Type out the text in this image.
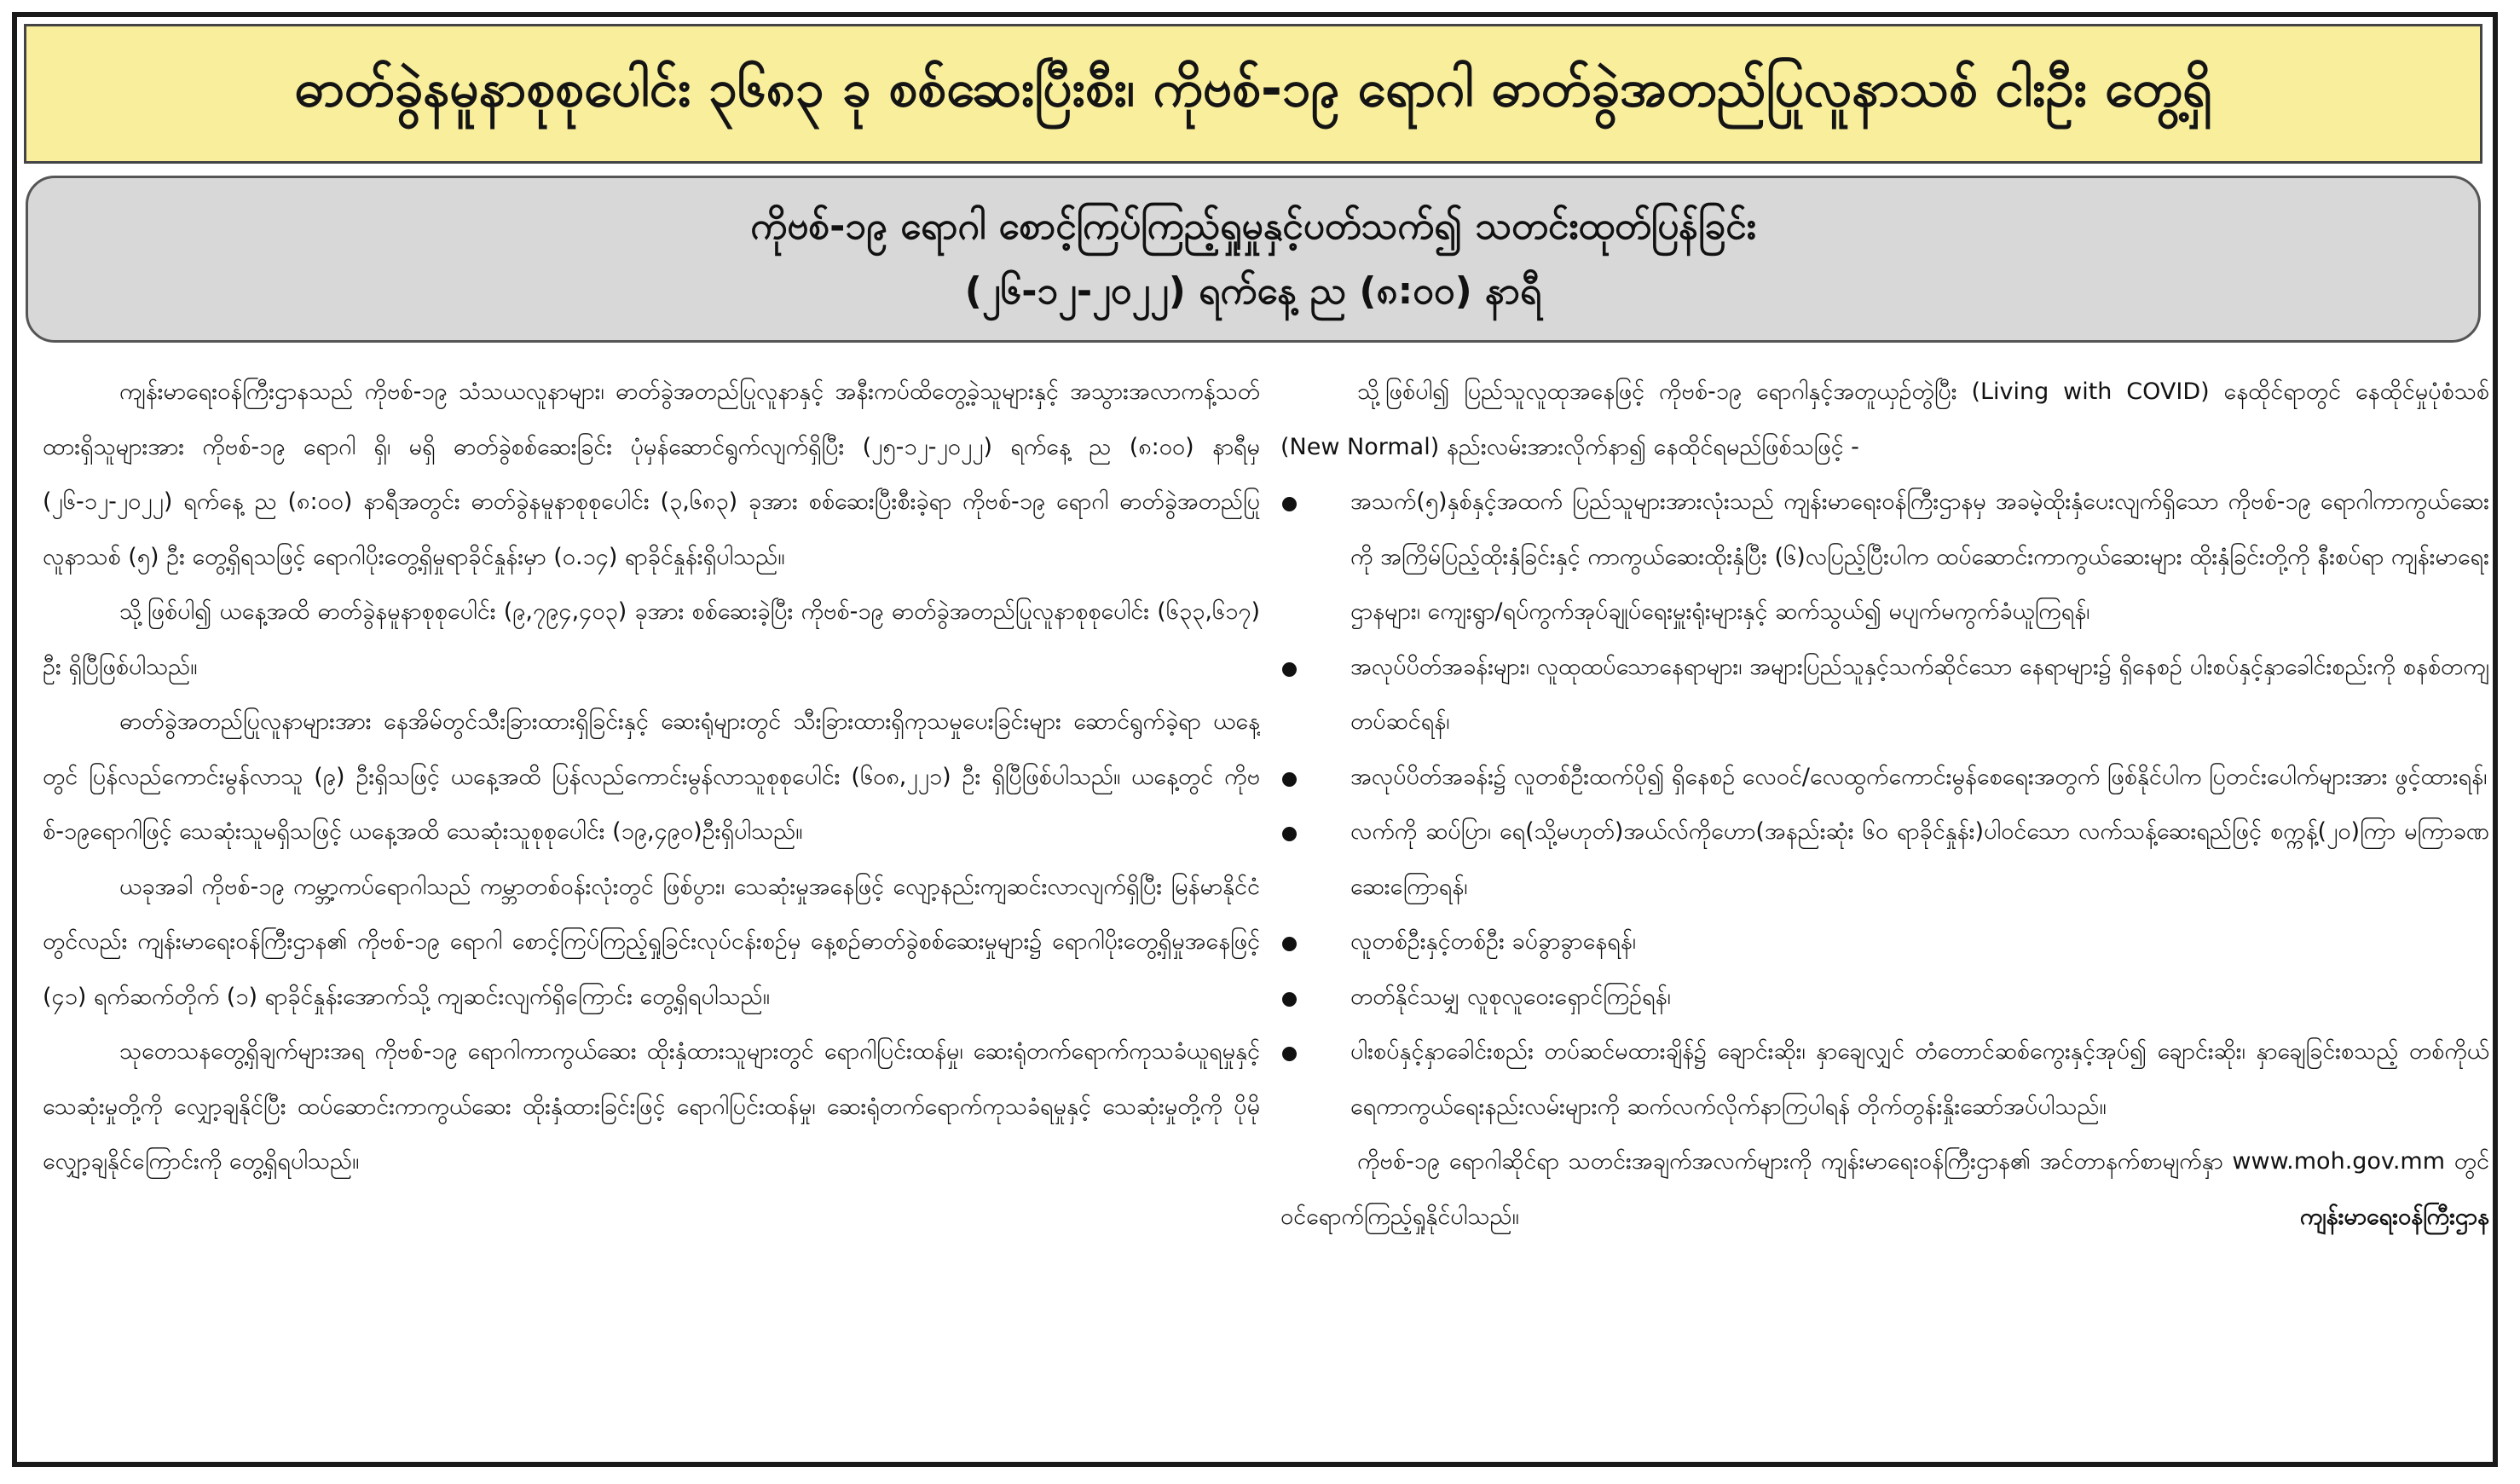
ဓာတ်ခွဲနမူနာစုစုပေါင်း ၃၆၈၃ ခု စစ်ဆေးပြီးစီး၊ ကိုဗစ်-၁၉ ရောဂါ ဓာတ်ခွဲအတည်ပြုလူနာသစ် ငါးဦး တွေ့ရှိ
ကိုဗစ်-၁၉ ရောဂါ စောင့်ကြပ်ကြည့်ရှုမှုနှင့်ပတ်သက်၍ သတင်းထုတ်ပြန်ခြင်း
(၂၆-၁၂-၂၀၂၂) ရက်နေ့ ည (၈:၀၀) နာရီ

ကျန်းမာရေးဝန်ကြီးဌာနသည် ကိုဗစ်-၁၉ သံသယလူနာများ၊ ဓာတ်ခွဲအတည်ပြုလူနာနှင့် အနီးကပ်ထိတွေ့ခဲ့သူများနှင့် အသွားအလာကန့်သတ်ထားရှိသူများအား ကိုဗစ်-၁၉ ရောဂါ ရှိ၊ မရှိ ဓာတ်ခွဲစစ်ဆေးခြင်း ပုံမှန်ဆောင်ရွက်လျက်ရှိပြီး (၂၅-၁၂-၂၀၂၂) ရက်နေ့ ည (၈:၀၀) နာရီမှ (၂၆-၁၂-၂၀၂၂) ရက်နေ့ ည (၈:၀၀) နာရီအတွင်း ဓာတ်ခွဲနမူနာစုစုပေါင်း (၃,၆၈၃) ခုအား စစ်ဆေးပြီးစီးခဲ့ရာ ကိုဗစ်-၁၉ ရောဂါ ဓာတ်ခွဲအတည်ပြုလူနာသစ် (၅) ဦး တွေ့ရှိရသဖြင့် ရောဂါပိုးတွေ့ရှိမှုရာခိုင်နှုန်းမှာ (၀.၁၄) ရာခိုင်နှုန်းရှိပါသည်။

သို့ဖြစ်ပါ၍ ယနေ့အထိ ဓာတ်ခွဲနမူနာစုစုပေါင်း (၉,၇၉၄,၄၀၃) ခုအား စစ်ဆေးခဲ့ပြီး ကိုဗစ်-၁၉ ဓာတ်ခွဲအတည်ပြုလူနာစုစုပေါင်း (၆၃၃,၆၁၇) ဦး ရှိပြီဖြစ်ပါသည်။

ဓာတ်ခွဲအတည်ပြုလူနာများအား နေအိမ်တွင်သီးခြားထားရှိခြင်းနှင့် ဆေးရုံများတွင် သီးခြားထားရှိကုသမှုပေးခြင်းများ ဆောင်ရွက်ခဲ့ရာ ယနေ့တွင် ပြန်လည်ကောင်းမွန်လာသူ (၉) ဦးရှိသဖြင့် ယနေ့အထိ ပြန်လည်ကောင်းမွန်လာသူစုစုပေါင်း (၆၀၈,၂၂၁) ဦး ရှိပြီဖြစ်ပါသည်။ ယနေ့တွင် ကိုဗစ်-၁၉ရောဂါဖြင့် သေဆုံးသူမရှိသဖြင့် ယနေ့အထိ သေဆုံးသူစုစုပေါင်း (၁၉,၄၉၀)ဦးရှိပါသည်။

ယခုအခါ ကိုဗစ်-၁၉ ကမ္ဘာ့ကပ်ရောဂါသည် ကမ္ဘာတစ်ဝန်းလုံးတွင် ဖြစ်ပွား၊ သေဆုံးမှုအနေဖြင့် လျော့နည်းကျဆင်းလာလျက်ရှိပြီး မြန်မာနိုင်ငံတွင်လည်း ကျန်းမာရေးဝန်ကြီးဌာန၏ ကိုဗစ်-၁၉ ရောဂါ စောင့်ကြပ်ကြည့်ရှုခြင်းလုပ်ငန်းစဉ်မှ နေ့စဉ်ဓာတ်ခွဲစစ်ဆေးမှုများ၌ ရောဂါပိုးတွေ့ရှိမှုအနေဖြင့် (၄၁) ရက်ဆက်တိုက် (၁) ရာခိုင်နှုန်းအောက်သို့ ကျဆင်းလျက်ရှိကြောင်း တွေ့ရှိရပါသည်။

သုတေသနတွေ့ရှိချက်များအရ ကိုဗစ်-၁၉ ရောဂါကာကွယ်ဆေး ထိုးနှံထားသူများတွင် ရောဂါပြင်းထန်မှု၊ ဆေးရုံတက်ရောက်ကုသခံယူရမှုနှင့် သေဆုံးမှုတို့ကို လျှော့ချနိုင်ပြီး ထပ်ဆောင်းကာကွယ်ဆေး ထိုးနှံထားခြင်းဖြင့် ရောဂါပြင်းထန်မှု၊ ဆေးရုံတက်ရောက်ကုသခံရမှုနှင့် သေဆုံးမှုတို့ကို ပိုမိုလျှော့ချနိုင်ကြောင်းကို တွေ့ရှိရပါသည်။

သို့ဖြစ်ပါ၍ ပြည်သူလူထုအနေဖြင့် ကိုဗစ်-၁၉ ရောဂါနှင့်အတူယှဉ်တွဲပြီး (Living with COVID) နေထိုင်ရာတွင် နေထိုင်မှုပုံစံသစ် (New Normal) နည်းလမ်းအားလိုက်နာ၍ နေထိုင်ရမည်ဖြစ်သဖြင့် -

အသက်(၅)နှစ်နှင့်အထက် ပြည်သူများအားလုံးသည် ကျန်းမာရေးဝန်ကြီးဌာနမှ အခမဲ့ထိုးနှံပေးလျက်ရှိသော ကိုဗစ်-၁၉ ရောဂါကာကွယ်ဆေးကို အကြိမ်ပြည့်ထိုးနှံခြင်းနှင့် ကာကွယ်ဆေးထိုးနှံပြီး (၆)လပြည့်ပြီးပါက ထပ်ဆောင်းကာကွယ်ဆေးများ ထိုးနှံခြင်းတို့ကို နီးစပ်ရာ ကျန်းမာရေးဌာနများ၊ ကျေးရွာ/ရပ်ကွက်အုပ်ချုပ်ရေးမှူးရုံးများနှင့် ဆက်သွယ်၍ မပျက်မကွက်ခံယူကြရန်၊
အလုပ်ပိတ်အခန်းများ၊ လူထုထပ်သောနေရာများ၊ အများပြည်သူနှင့်သက်ဆိုင်သော နေရာများ၌ ရှိနေစဉ် ပါးစပ်နှင့်နှာခေါင်းစည်းကို စနစ်တကျတပ်ဆင်ရန်၊
အလုပ်ပိတ်အခန်း၌ လူတစ်ဦးထက်ပို၍ ရှိနေစဉ် လေဝင်/လေထွက်ကောင်းမွန်စေရေးအတွက် ဖြစ်နိုင်ပါက ပြတင်းပေါက်များအား ဖွင့်ထားရန်၊
လက်ကို ဆပ်ပြာ၊ ရေ(သို့မဟုတ်)အယ်လ်ကိုဟော(အနည်းဆုံး ၆၀ ရာခိုင်နှုန်း)ပါဝင်သော လက်သန့်ဆေးရည်ဖြင့် စက္ကန့်(၂၀)ကြာ မကြာခဏဆေးကြောရန်၊
လူတစ်ဦးနှင့်တစ်ဦး ခပ်ခွာခွာနေရန်၊
တတ်နိုင်သမျှ လူစုလူဝေးရှောင်ကြဉ်ရန်၊
ပါးစပ်နှင့်နှာခေါင်းစည်း တပ်ဆင်မထားချိန်၌ ချောင်းဆိုး၊ နှာချေလျှင် တံတောင်ဆစ်ကွေးနှင့်အုပ်၍ ချောင်းဆိုး၊ နှာချေခြင်းစသည့် တစ်ကိုယ်ရေကာကွယ်ရေးနည်းလမ်းများကို ဆက်လက်လိုက်နာကြပါရန် တိုက်တွန်းနှိုးဆော်အပ်ပါသည်။

ကိုဗစ်-၁၉ ရောဂါဆိုင်ရာ သတင်းအချက်အလက်များကို ကျန်းမာရေးဝန်ကြီးဌာန၏ အင်တာနက်စာမျက်နှာ www.moh.gov.mm တွင် ဝင်ရောက်ကြည့်ရှုနိုင်ပါသည်။	ကျန်းမာရေးဝန်ကြီးဌာန
